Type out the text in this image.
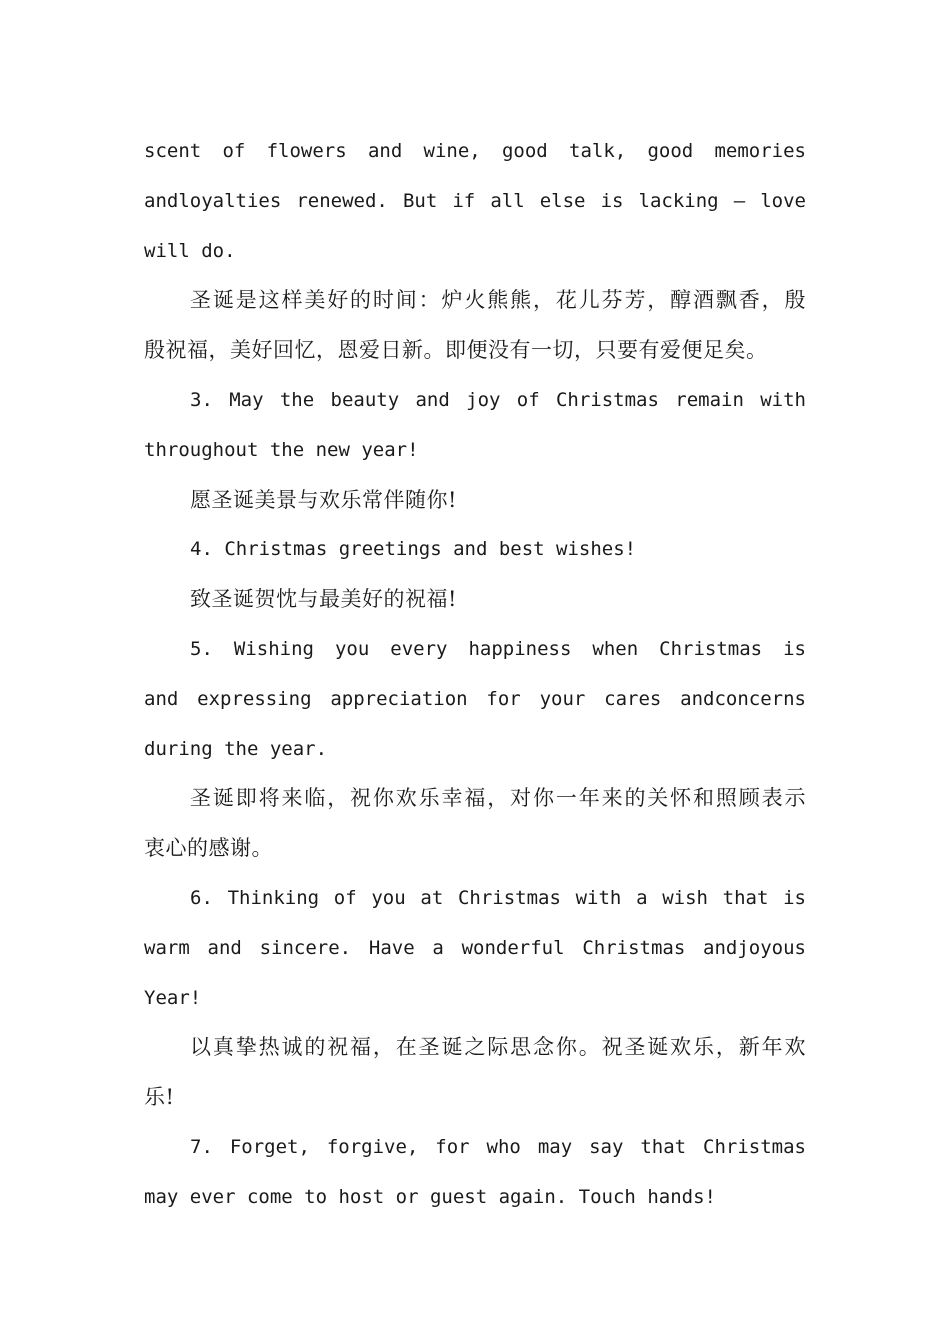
scent of flowers and wine, good talk, good memories
andloyalties renewed. But if all else is lacking – love
will do.
圣诞是这样美好的时间：炉火熊熊，花儿芬芳，醇酒飘香，殷
殷祝福，美好回忆，恩爱日新。即便没有一切，只要有爱便足矣。
3. May the beauty and joy of Christmas remain with
throughout the new year!
愿圣诞美景与欢乐常伴随你!
4. Christmas greetings and best wishes!
致圣诞贺忱与最美好的祝福!
5. Wishing you every happiness when Christmas is
and expressing appreciation for your cares andconcerns
during the year.
圣诞即将来临，祝你欢乐幸福，对你一年来的关怀和照顾表示
衷心的感谢。
6. Thinking of you at Christmas with a wish that is
warm and sincere. Have a wonderful Christmas andjoyous
Year!
以真挚热诚的祝福，在圣诞之际思念你。祝圣诞欢乐，新年欢
乐!
7. Forget, forgive, for who may say that Christmas
may ever come to host or guest again. Touch hands!
